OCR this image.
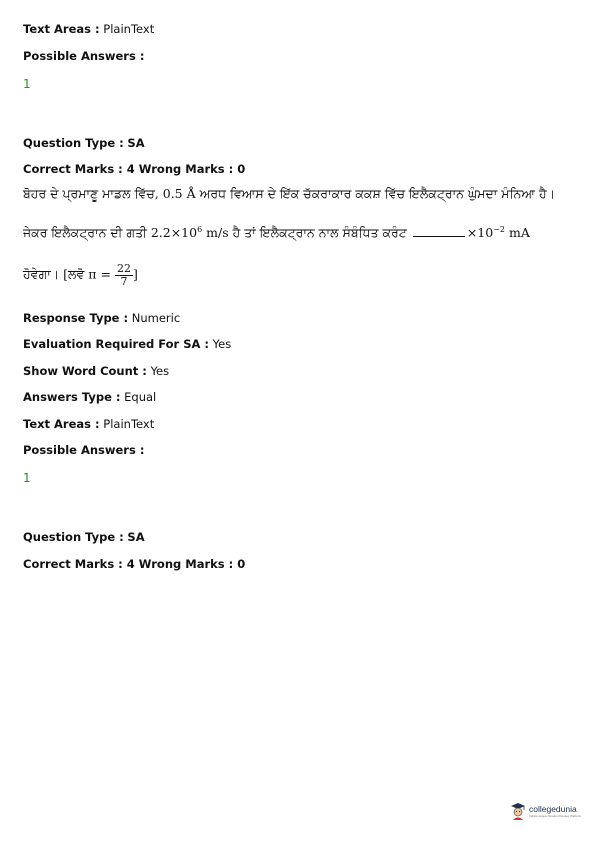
Text Areas : PlainText
Possible Answers :
1
Question Type : SA
Correct Marks : 4 Wrong Marks : 0
ਬੋਹਰ ਦੇ ਪ੍ਰਮਾਣੂ ਮਾਡਲ ਵਿੱਚ, 0.5 Å ਅਰਧ ਵਿਆਸ ਦੇ ਇੱਕ ਚੱਕਰਾਕਾਰ ਕਕਸ਼ ਵਿੱਚ ਇਲੈਕਟ੍ਰਾਨ ਘੁੰਮਦਾ ਮੰਨਿਆ ਹੈ।
ਜੇਕਰ ਇਲੈਕਟ੍ਰਾਨ ਦੀ ਗਤੀ $2.2\times 10^6$ m/s ਹੈ ਤਾਂ ਇਲੈਕਟ੍ਰਾਨ ਨਾਲ ਸੰਬੰਧਿਤ ਕਰੰਟ	$\times 10^{-2}$ mA
ਹੋਵੇਗਾ। [ਲਵੋ $\pi = \frac{22}{7}$ ]
Response Type : Numeric
Evaluation Required For SA : Yes
Show Word Count : Yes
Answers Type : Equal
Text Areas : PlainText
Possible Answers :
1
Question Type : SA
Correct Marks : 4 Wrong Marks : 0
collegedunia
India's largest Student Review Platform
